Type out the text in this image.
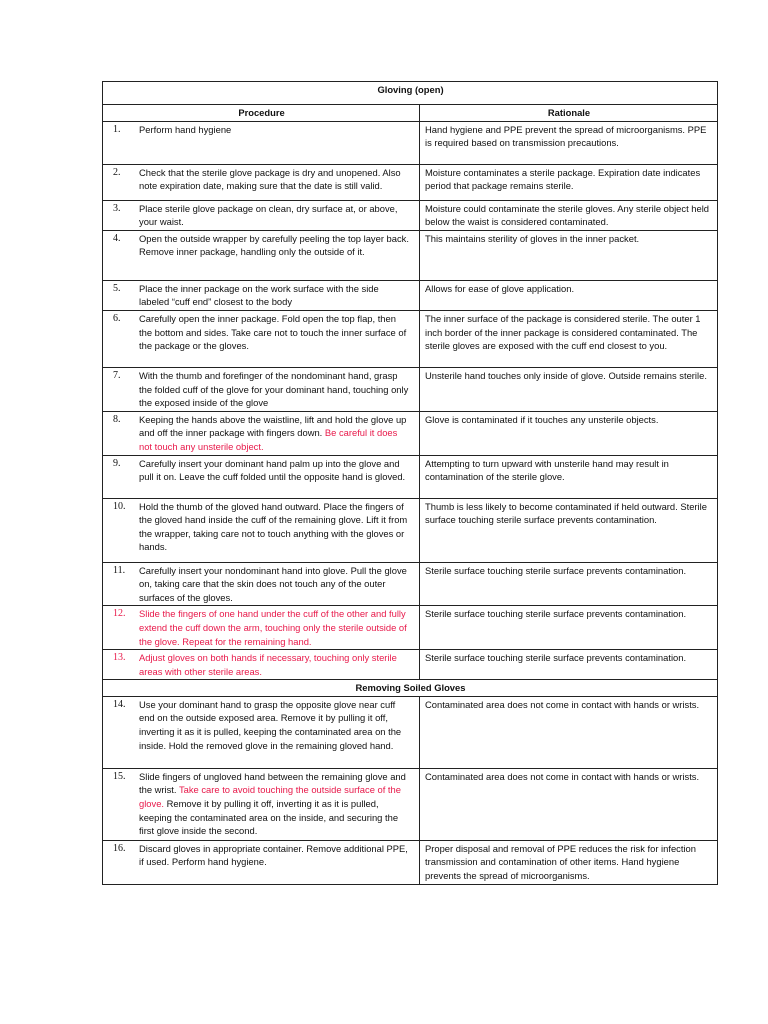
Gloving (open)	
Procedure	Rationale

1. Perform hand hygiene	Hand hygiene and PPE prevent the spread of microorganisms. PPE is required based on transmission precautions.

2. Check that the sterile glove package is dry and unopened. Also note expiration date, making sure that the date is still valid.	Moisture contaminates a sterile package. Expiration date indicates period that package remains sterile.

3. Place sterile glove package on clean, dry surface at, or above, your waist.	Moisture could contaminate the sterile gloves. Any sterile object held below the waist is considered contaminated.

4. Open the outside wrapper by carefully peeling the top layer back. Remove inner package, handling only the outside of it.	This maintains sterility of gloves in the inner packet.

5. Place the inner package on the work surface with the side labeled “cuff end” closest to the body	Allows for ease of glove application.

6. Carefully open the inner package. Fold open the top flap, then the bottom and sides. Take care not to touch the inner surface of the package or the gloves.	The inner surface of the package is considered sterile. The outer 1 inch border of the inner package is considered contaminated. The sterile gloves are exposed with the cuff end closest to you.

7. With the thumb and forefinger of the nondominant hand, grasp the folded cuff of the glove for your dominant hand, touching only the exposed inside of the glove	Unsterile hand touches only inside of glove. Outside remains sterile.

8. Keeping the hands above the waistline, lift and hold the glove up and off the inner package with fingers down. Be careful it does not touch any unsterile object.	Glove is contaminated if it touches any unsterile objects.

9. Carefully insert your dominant hand palm up into the glove and pull it on. Leave the cuff folded until the opposite hand is gloved.	Attempting to turn upward with unsterile hand may result in contamination of the sterile glove.

10. Hold the thumb of the gloved hand outward. Place the fingers of the gloved hand inside the cuff of the remaining glove. Lift it from the wrapper, taking care not to touch anything with the gloves or hands.	Thumb is less likely to become contaminated if held outward. Sterile surface touching sterile surface prevents contamination.

11. Carefully insert your nondominant hand into glove. Pull the glove on, taking care that the skin does not touch any of the outer surfaces of the gloves.	Sterile surface touching sterile surface prevents contamination.

12. Slide the fingers of one hand under the cuff of the other and fully extend the cuff down the arm, touching only the sterile outside of the glove. Repeat for the remaining hand.	Sterile surface touching sterile surface prevents contamination.

13. Adjust gloves on both hands if necessary, touching only sterile areas with other sterile areas.	Sterile surface touching sterile surface prevents contamination.
Removing Soiled Gloves	

14. Use your dominant hand to grasp the opposite glove near cuff end on the outside exposed area. Remove it by pulling it off, inverting it as it is pulled, keeping the contaminated area on the inside. Hold the removed glove in the remaining gloved hand.	Contaminated area does not come in contact with hands or wrists.

15. Slide fingers of ungloved hand between the remaining glove and the wrist. Take care to avoid touching the outside surface of the glove. Remove it by pulling it off, inverting it as it is pulled, keeping the contaminated area on the inside, and securing the first glove inside the second.	Contaminated area does not come in contact with hands or wrists.

16. Discard gloves in appropriate container. Remove additional PPE, if used. Perform hand hygiene.	Proper disposal and removal of PPE reduces the risk for infection transmission and contamination of other items. Hand hygiene prevents the spread of microorganisms.
